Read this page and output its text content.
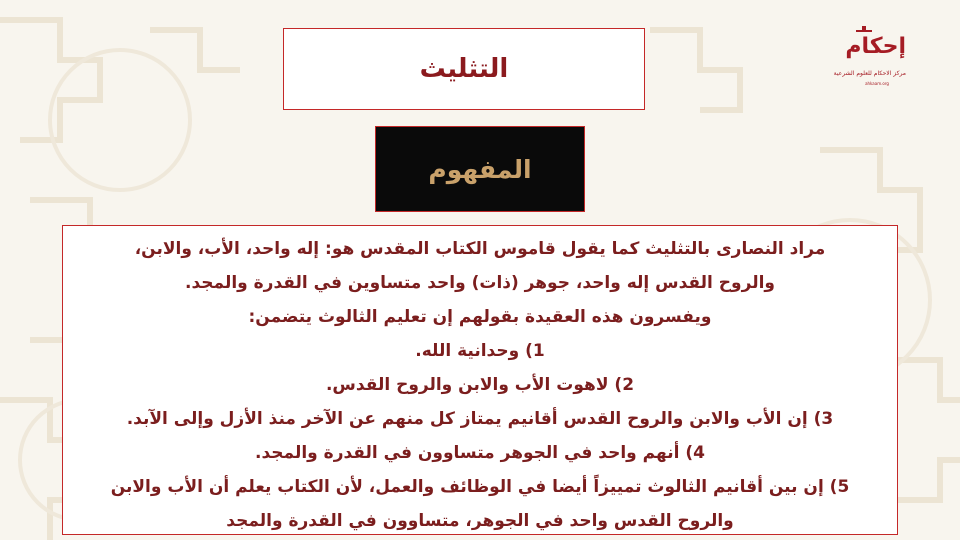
إحكام
مركز الاحكام للعلوم الشرعية
ahkaam.org
التثليث
المفهوم
مراد النصارى بالتثليث كما يقول قاموس الكتاب المقدس هو: إله واحد، الأب، والابن،
والروح القدس إله واحد، جوهر (ذات) واحد متساوين في القدرة والمجد.
ويفسرون هذه العقيدة بقولهم إن تعليم الثالوث يتضمن:
1) وحدانية الله.
2) لاهوت الأب والابن والروح القدس.
3) إن الأب والابن والروح القدس أقانيم يمتاز كل منهم عن الآخر منذ الأزل وإلى الآبد.
4) أنهم واحد في الجوهر متساوون في القدرة والمجد.
5) إن بين أقانيم الثالوث تمييزاً أيضا في الوظائف والعمل، لأن الكتاب يعلم أن الأب والابن
والروح القدس واحد في الجوهر، متساوون في القدرة والمجد
